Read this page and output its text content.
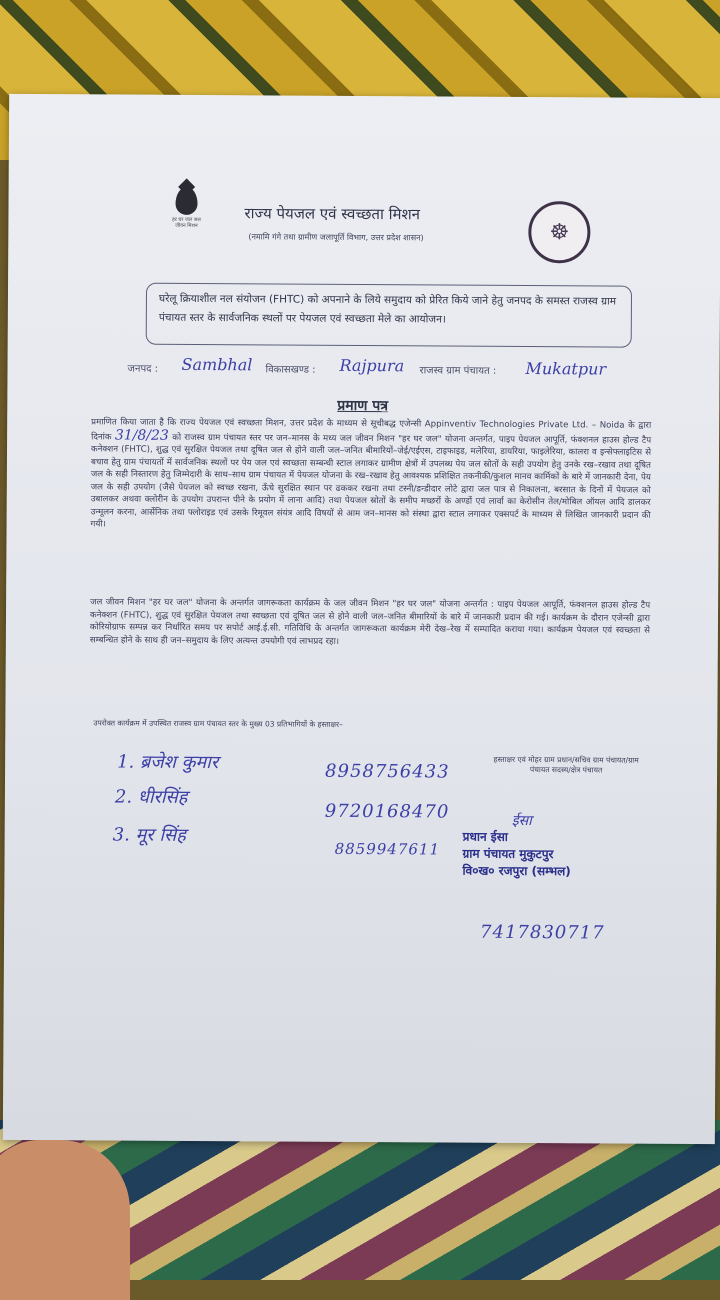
हर घर जल जल जीवन मिशन
राज्य पेयजल एवं स्वच्छता मिशन
(नमामि गंगे तथा ग्रामीण जलापूर्ति विभाग, उत्तर प्रदेश शासन)	☸
घरेलू क्रियाशील नल संयोजन (FHTC) को अपनाने के लिये समुदाय को प्रेरित किये जाने हेतु जनपद के समस्त राजस्व ग्राम पंचायत स्तर के सार्वजनिक स्थलों पर पेयजल एवं स्वच्छता मेले का आयोजन।
जनपद : Sambhal विकासखण्ड : Rajpura राजस्व ग्राम पंचायत : Mukatpur
प्रमाण पत्र
प्रमाणित किया जाता है कि राज्य पेयजल एवं स्वच्छता मिशन, उत्तर प्रदेश के माध्यम से सूचीबद्ध एजेन्सी Appinventiv Technologies Private Ltd. – Noida के द्वारा दिनांक 31/8/23 को राजस्व ग्राम पंचायत स्तर पर जन–मानस के मध्य जल जीवन मिशन "हर घर जल" योजना अन्तर्गत, पाइप पेयजल आपूर्ति, फंक्शनल हाउस होल्ड टैप कनेक्शन (FHTC), शुद्ध एवं सुरक्षित पेयजल तथा दूषित जल से होने वाली जल–जनित बीमारियों–जेई/एईएस, टाइफाइड, मलेरिया, डायरिया, फाइलेरिया, कालरा व इन्सेफ्लाइटिस से बचाव हेतु ग्राम पंचायतों में सार्वजनिक स्थलों पर पेय जल एवं स्वच्छता सम्बन्धी स्टाल लगाकर ग्रामीण क्षेत्रों में उपलब्ध पेय जल स्रोतों के सही उपयोग हेतु उनके रख–रखाव तथा दूषित जल के सही निस्तारण हेतु जिम्मेदारी के साथ–साथ ग्राम पंचायत में पेयजल योजना के रख–रखाव हेतु आवश्यक प्रशिक्षित तकनीकी/कुशल मानव कार्मिकों के बारे में जानकारी देना, पेय जल के सही उपयोग (जैसे पेयजल को स्वच्छ रखना, ऊँचे सुरक्षित स्थान पर ढककर रखना तथा टस्नी/डन्डीदार लोटे द्वारा जल पात्र से निकालना, बरसात के दिनों में पेयजल को उबालकर अथवा क्लोरीन के उपयोग उपरान्त पीने के प्रयोग में लाना आदि) तथा पेयजल स्रोतों के समीप मच्छरों के अण्डों एवं लार्वा का केरोसीन तेल/मोबिल ऑयल आदि डालकर उन्मूलन करना, आर्सेनिक तथा फ्लोराइड एवं उसके रिमूवल संयंत्र आदि विषयों से आम जन–मानस को संस्था द्वारा स्टाल लगाकर एक्सपर्ट के माध्यम से लिखित जानकारी प्रदान की गयी।
जल जीवन मिशन "हर घर जल" योजना के अन्तर्गत जागरूकता कार्यक्रम के जल जीवन मिशन "हर घर जल" योजना अन्तर्गत : पाइप पेयजल आपूर्ति, फंक्शनल हाउस होल्ड टैप कनेक्शन (FHTC), शुद्ध एवं सुरक्षित पेयजल तथा स्वच्छता एवं दूषित जल से होने वाली जल–जनित बीमारियों के बारे में जानकारी प्रदान की गई। कार्यक्रम के दौरान एजेन्सी द्वारा कोरियोग्राफ सम्पन्न कर निर्धारित समय पर सपोर्ट आई.ई.सी. गतिविधि के अन्तर्गत जागरूकता कार्यक्रम मेरी देख–रेख में सम्पादित कराया गया। कार्यक्रम पेयजल एवं स्वच्छता से सम्बन्धित होने के साथ ही जन–समुदाय के लिए अत्यन्त उपयोगी एवं लाभप्रद रहा।
उपरोक्त कार्यक्रम में उपस्थित राजस्व ग्राम पंचायत स्तर के मुख्य 03 प्रतिभागियों के हस्ताक्षर–
1. ब्रजेश कुमार
2. धीरसिंह
3. मूर सिंह
8958756433
9720168470
8859947611
7417830717
हस्ताक्षर एवं मोहर ग्राम प्रधान/सचिव ग्राम पंचायत/ग्राम पंचायत सदस्य/क्षेत्र पंचायत
ईसा
प्रधान ईसा
ग्राम पंचायत मुकुटपुर
वि०ख० रजपुरा (सम्भल)
